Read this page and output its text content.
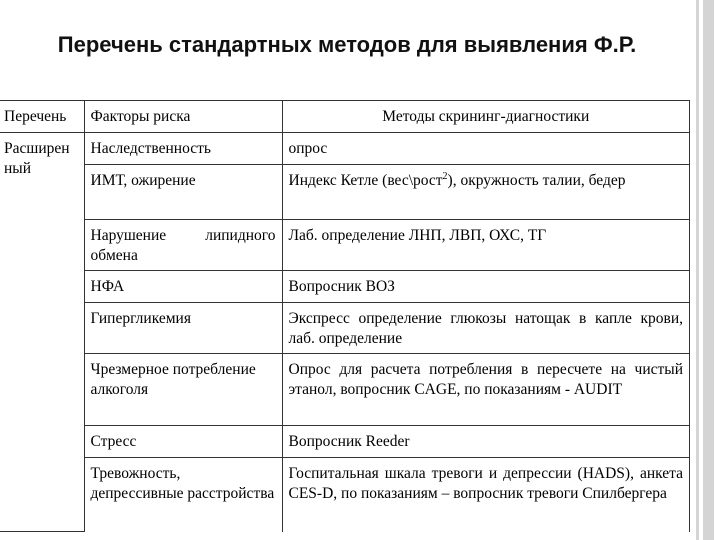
Перечень стандартных методов для выявления Ф.Р.
Перечень	Факторы риска	Методы скрининг-диагностики
Расширенный	Наследственность	опрос
	ИМТ, ожирение	Индекс Кетле (вес\рост$^2$), окружность талии, бедер
	Нарушение липидного обмена	Лаб. определение ЛНП, ЛВП, ОХС, ТГ
	НФА	Вопросник ВОЗ
	Гипергликемия	Экспресс определение глюкозы натощак в капле крови, лаб. определение
	Чрезмерное потребление алкоголя	Опрос для расчета потребления в пересчете на чистый этанол, вопросник CAGE, по показаниям - AUDIT
	Стресс	Вопросник Reeder
	Тревожность, депрессивные расстройства	Госпитальная шкала тревоги и депрессии (HADS), анкета CES-D, по показаниям – вопросник тревоги Спилбергера
